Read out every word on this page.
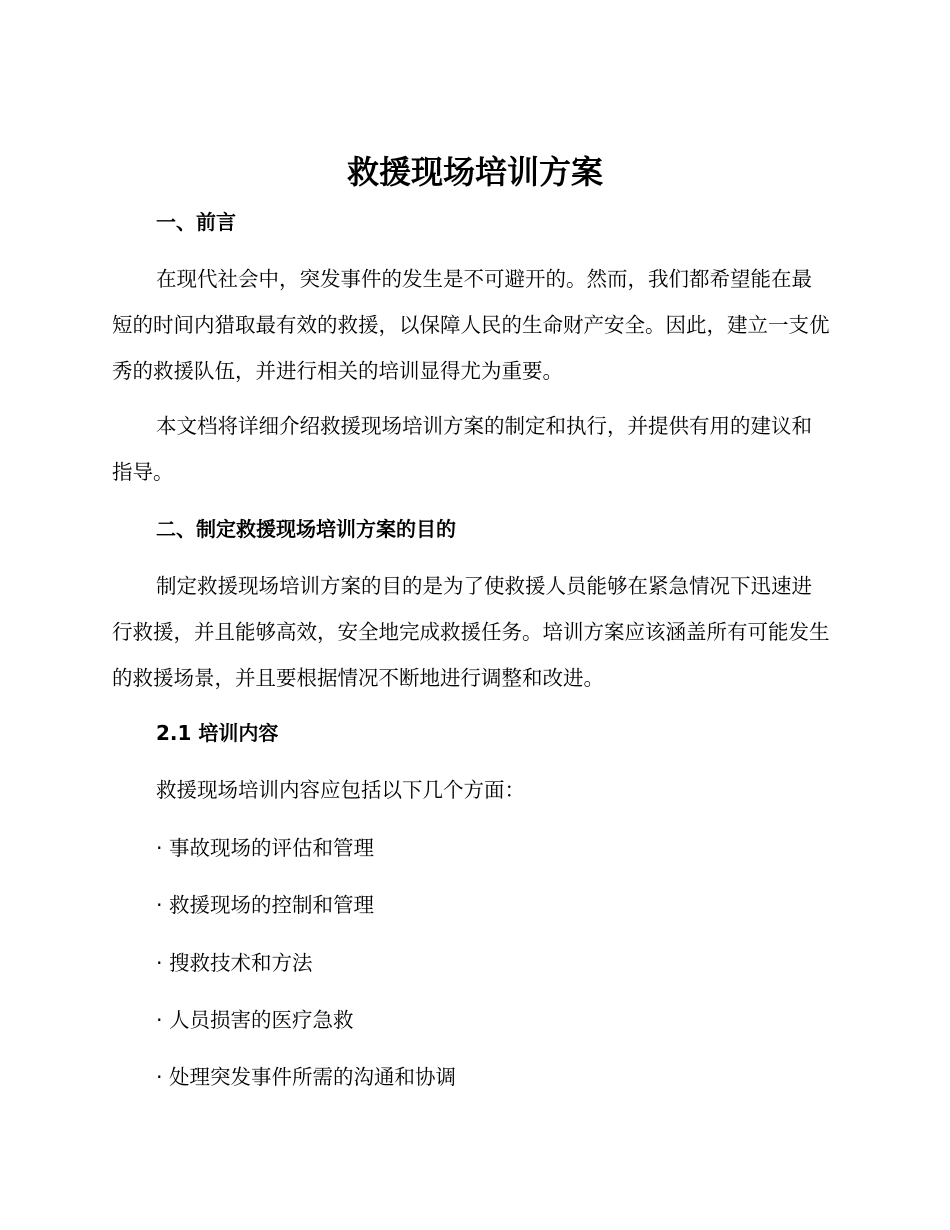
救援现场培训方案
一、前言

在现代社会中，突发事件的发生是不可避开的。然而，我们都希望能在最短的时间内猎取最有效的救援，以保障人民的生命财产安全。因此，建立一支优秀的救援队伍，并进行相关的培训显得尤为重要。

本文档将详细介绍救援现场培训方案的制定和执行，并提供有用的建议和指导。

二、制定救援现场培训方案的目的

制定救援现场培训方案的目的是为了使救援人员能够在紧急情况下迅速进行救援，并且能够高效，安全地完成救援任务。培训方案应该涵盖所有可能发生的救援场景，并且要根据情况不断地进行调整和改进。

2.1 培训内容

救援现场培训内容应包括以下几个方面：

· 事故现场的评估和管理

· 救援现场的控制和管理

· 搜救技术和方法

· 人员损害的医疗急救

· 处理突发事件所需的沟通和协调
